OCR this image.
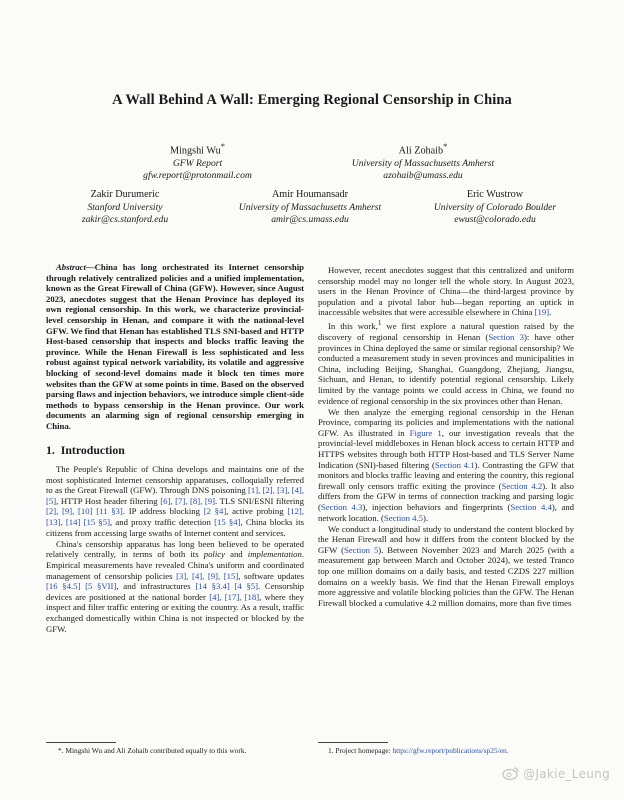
A Wall Behind A Wall: Emerging Regional Censorship in China
Mingshi Wu*
GFW Report
gfw.report@protonmail.com
Ali Zohaib*
University of Massachusetts Amherst
azohaib@umass.edu
Zakir Durumeric
Stanford University
zakir@cs.stanford.edu
Amir Houmansadr
University of Massachusetts Amherst
amir@cs.umass.edu
Eric Wustrow
University of Colorado Boulder
ewust@colorado.edu

Abstract—China has long orchestrated its Internet censorship through relatively centralized policies and a unified implementation, known as the Great Firewall of China (GFW). However, since August 2023, anecdotes suggest that the Henan Province has deployed its own regional censorship. In this work, we characterize provincial-level censorship in Henan, and compare it with the national-level GFW. We find that Henan has established TLS SNI-based and HTTP Host-based censorship that inspects and blocks traffic leaving the province. While the Henan Firewall is less sophisticated and less robust against typical network variability, its volatile and aggressive blocking of second-level domains made it block ten times more websites than the GFW at some points in time. Based on the observed parsing flaws and injection behaviors, we introduce simple client-side methods to bypass censorship in the Henan province. Our work documents an alarming sign of regional censorship emerging in China.

1. Introduction

The People's Republic of China develops and maintains one of the most sophisticated Internet censorship apparatuses, colloquially referred to as the Great Firewall (GFW). Through DNS poisoning [1], [2], [3], [4], [5], HTTP Host header filtering [6], [7], [8], [9]. TLS SNI/ESNI filtering [2], [9], [10] [11 §3]. IP address blocking [2 §4], active probing [12], [13], [14] [15 §5], and proxy traffic detection [15 §4], China blocks its citizens from accessing large swaths of Internet content and services.

China's censorship apparatus has long been believed to be operated relatively centrally, in terms of both its policy and implementation. Empirical measurements have revealed China's uniform and coordinated management of censorship policies [3], [4], [9], [15], software updates [16 §4.5] [5 §VII], and infrastructures [14 §3.4] [4 §5]. Censorship devices are positioned at the national border [4], [17], [18], where they inspect and filter traffic entering or exiting the country. As a result, traffic exchanged domestically within China is not inspected or blocked by the GFW.

However, recent anecdotes suggest that this centralized and uniform censorship model may no longer tell the whole story. In August 2023, users in the Henan Province of China—the third-largest province by population and a pivotal labor hub—began reporting an uptick in inaccessible websites that were accessible elsewhere in China [19].

In this work,$^1$ we first explore a natural question raised by the discovery of regional censorship in Henan (Section 3): have other provinces in China deployed the same or similar regional censorship? We conducted a measurement study in seven provinces and municipalities in China, including Beijing, Shanghai, Guangdong, Zhejiang, Jiangsu, Sichuan, and Henan, to identify potential regional censorship. Likely limited by the vantage points we could access in China, we found no evidence of regional censorship in the six provinces other than Henan.

We then analyze the emerging regional censorship in the Henan Province, comparing its policies and implementations with the national GFW. As illustrated in Figure 1, our investigation reveals that the provincial-level middleboxes in Henan block access to certain HTTP and HTTPS websites through both HTTP Host-based and TLS Server Name Indication (SNI)-based filtering (Section 4.1). Contrasting the GFW that monitors and blocks traffic leaving and entering the country, this regional firewall only censors traffic exiting the province (Section 4.2). It also differs from the GFW in terms of connection tracking and parsing logic (Section 4.3), injection behaviors and fingerprints (Section 4.4), and network location. (Section 4.5).

We conduct a longitudinal study to understand the content blocked by the Henan Firewall and how it differs from the content blocked by the GFW (Section 5). Between November 2023 and March 2025 (with a measurement gap between March and October 2024), we tested Tranco top one million domains on a daily basis, and tested CZDS 227 million domains on a weekly basis. We find that the Henan Firewall employs more aggressive and volatile blocking policies than the GFW. The Henan Firewall blocked a cumulative 4.2 million domains, more than five times

*. Mingshi Wu and Ali Zohaib contributed equally to this work.	1. Project homepage: https://gfw.report/publications/sp25/en.
@Jakie_Leung
